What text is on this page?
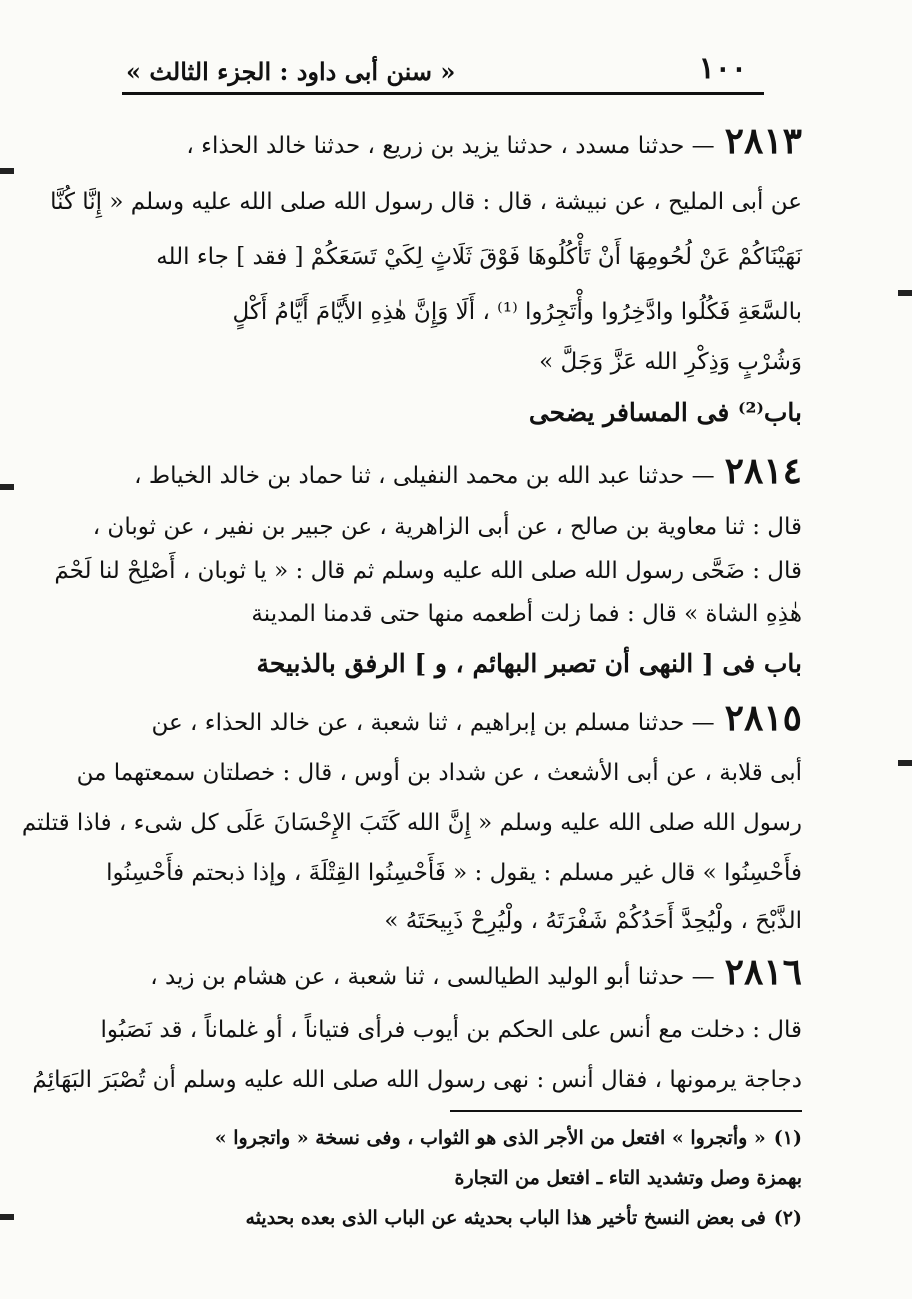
١٠٠
« سنن أبى داود : الجزء الثالث »
٢٨١٣— حدثنا مسدد ، حدثنا يزيد بن زريع ، حدثنا خالد الحذاء ،
عن أبى المليح ، عن نبيشة ، قال : قال رسول الله صلى الله عليه وسلم « إِنَّا كُنَّا
نَهَيْنَاكُمْ عَنْ لُحُومِهَا أَنْ تَأْكُلُوهَا فَوْقَ ثَلَاثٍ لِكَيْ تَسَعَكُمْ [ فقد ] جاء الله
بالسَّعَةِ فَكُلُوا وادَّخِرُوا وأْتَجِرُوا ⁽¹⁾ ، أَلَا وَإِنَّ هٰذِهِ الأَيَّامَ أَيَّامُ أَكْلٍ
وَشُرْبٍ وَذِكْرِ الله عَزَّ وَجَلَّ »
باب⁽²⁾ فى المسافر يضحى
٢٨١٤— حدثنا عبد الله بن محمد النفيلى ، ثنا حماد بن خالد الخياط ،
قال : ثنا معاوية بن صالح ، عن أبى الزاهرية ، عن جبير بن نفير ، عن ثوبان ،
قال : ضَحَّى رسول الله صلى الله عليه وسلم ثم قال : « يا ثوبان ، أَصْلِحْ لنا لَحْمَ
هٰذِهِ الشاة » قال : فما زلت أطعمه منها حتى قدمنا المدينة
باب فى [ النهى أن تصبر البهائم ، و ] الرفق بالذبيحة
٢٨١٥— حدثنا مسلم بن إبراهيم ، ثنا شعبة ، عن خالد الحذاء ، عن
أبى قلابة ، عن أبى الأشعث ، عن شداد بن أوس ، قال : خصلتان سمعتهما من
رسول الله صلى الله عليه وسلم « إِنَّ الله كَتَبَ الإِحْسَانَ عَلَى كل شىء ، فاذا قتلتم
فأَحْسِنُوا » قال غير مسلم : يقول : « فَأَحْسِنُوا القِتْلَةَ ، وإذا ذبحتم فأَحْسِنُوا
الذَّبْحَ ، ولْيُحِدَّ أَحَدُكُمْ شَفْرَتَهُ ، ولْيُرِحْ ذَبِيحَتَهُ »
٢٨١٦— حدثنا أبو الوليد الطيالسى ، ثنا شعبة ، عن هشام بن زيد ،
قال : دخلت مع أنس على الحكم بن أيوب فرأى فتياناً ، أو غلماناً ، قد نَصَبُوا
دجاجة يرمونها ، فقال أنس : نهى رسول الله صلى الله عليه وسلم أن تُصْبَرَ البَهَائِمُ
(١)« وأتجروا » افتعل من الأجر الذى هو الثواب ، وفى نسخة « واتجروا »
بهمزة وصل وتشديد التاء ـ افتعل من التجارة
(٢)فى بعض النسخ تأخير هذا الباب بحديثه عن الباب الذى بعده بحديثه
